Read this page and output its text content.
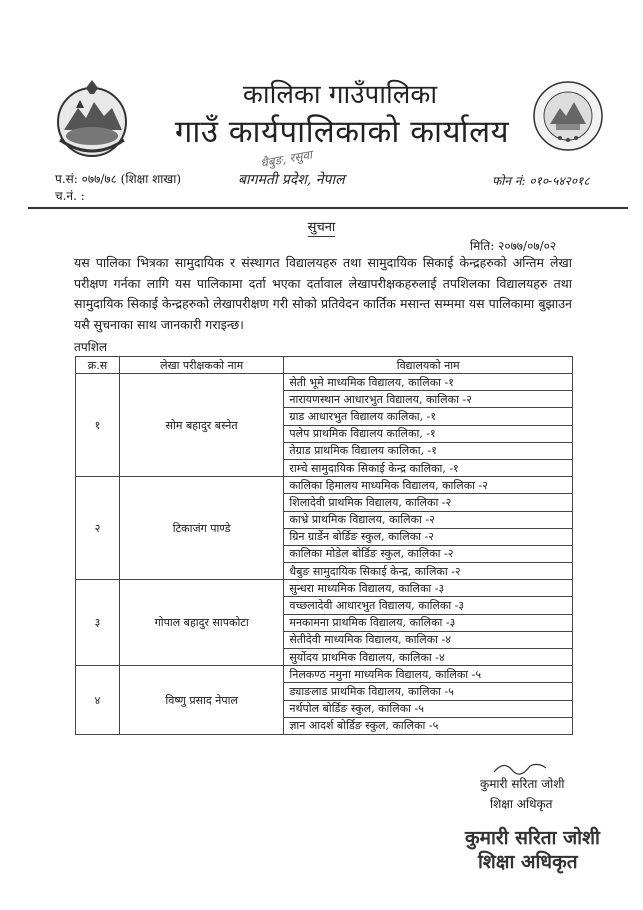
कालिका गाउँपालिका
गाउँ कार्यपालिकाको कार्यालय
धैबुङ, रसुवा
बागमती प्रदेश, नेपाल
प.सं: ०७७/७८ (शिक्षा शाखा)
च.नं. :
फोन नं: ०१०-५४२०१८
सुचना
मिति: २०७७/०७/०२
यस पालिका भित्रका सामुदायिक र संस्थागत विद्यालयहरु तथा सामुदायिक सिकाई केन्द्रहरुको अन्तिम लेखा परीक्षण गर्नका लागि यस पालिकामा दर्ता भएका दर्तावाल लेखापरीक्षकहरुलाई तपशिलका विद्यालयहरु तथा सामुदायिक सिकाई केन्द्रहरुको लेखापरीक्षण गरी सोको प्रतिवेदन कार्तिक मसान्त सम्ममा यस पालिकामा बुझाउन यसै सुचनाका साथ जानकारी गराइन्छ।
तपशिल
क्र.स	लेखा परीक्षकको नाम	विद्यालयको नाम
१	सोम बहादुर बस्नेत	सेती भूमे माध्यमिक विद्यालय, कालिका -१
		नारायणस्थान आधारभुत विद्यालय, कालिका -२
		ग्राड आधारभुत विद्यालय कालिका, -१
		पलेप प्राथमिक विद्यालय कालिका, -१
		तेग्राड प्राथमिक विद्यालय कालिका, -१
		राम्चे सामुदायिक सिकाई केन्द्र कालिका, -१
२	टिकाजंग पाण्डे	कालिका हिमालय माध्यमिक विद्यालय, कालिका -२
		शिलादेवी प्राथमिक विद्यालय, कालिका -२
		काभ्रे प्राथमिक विद्यालय, कालिका -२
		ग्रिन ग्रार्डेन बोर्डिङ स्कुल, कालिका -२
		कालिका मोडेल बोर्डिङ स्कुल, कालिका -२
		धैबुङ सामुदायिक सिकाई केन्द्र, कालिका -२
३	गोपाल बहादुर सापकोटा	सुन्धरा माध्यमिक विद्यालय, कालिका -३
		वच्छलादेवी आधारभुत विद्यालय, कालिका -३
		मनकामना प्राथमिक विद्यालय, कालिका -३
		सेतीदेवी माध्यमिक विद्यालय, कालिका -४
		सुर्योदय प्राथमिक विद्यालय, कालिका -४
४	विष्णु प्रसाद नेपाल	निलकण्ठ नमुना माध्यमिक विद्यालय, कालिका -५
		ड्याङलाड प्राथमिक विद्यालय, कालिका -५
		नर्थपोल बोर्डिङ स्कुल, कालिका -५
		ज्ञान आदर्श बोर्डिङ स्कुल, कालिका -५
कुमारी सरिता जोशी
शिक्षा अधिकृत
कुमारी सरिता जोशी
शिक्षा अधिकृत
